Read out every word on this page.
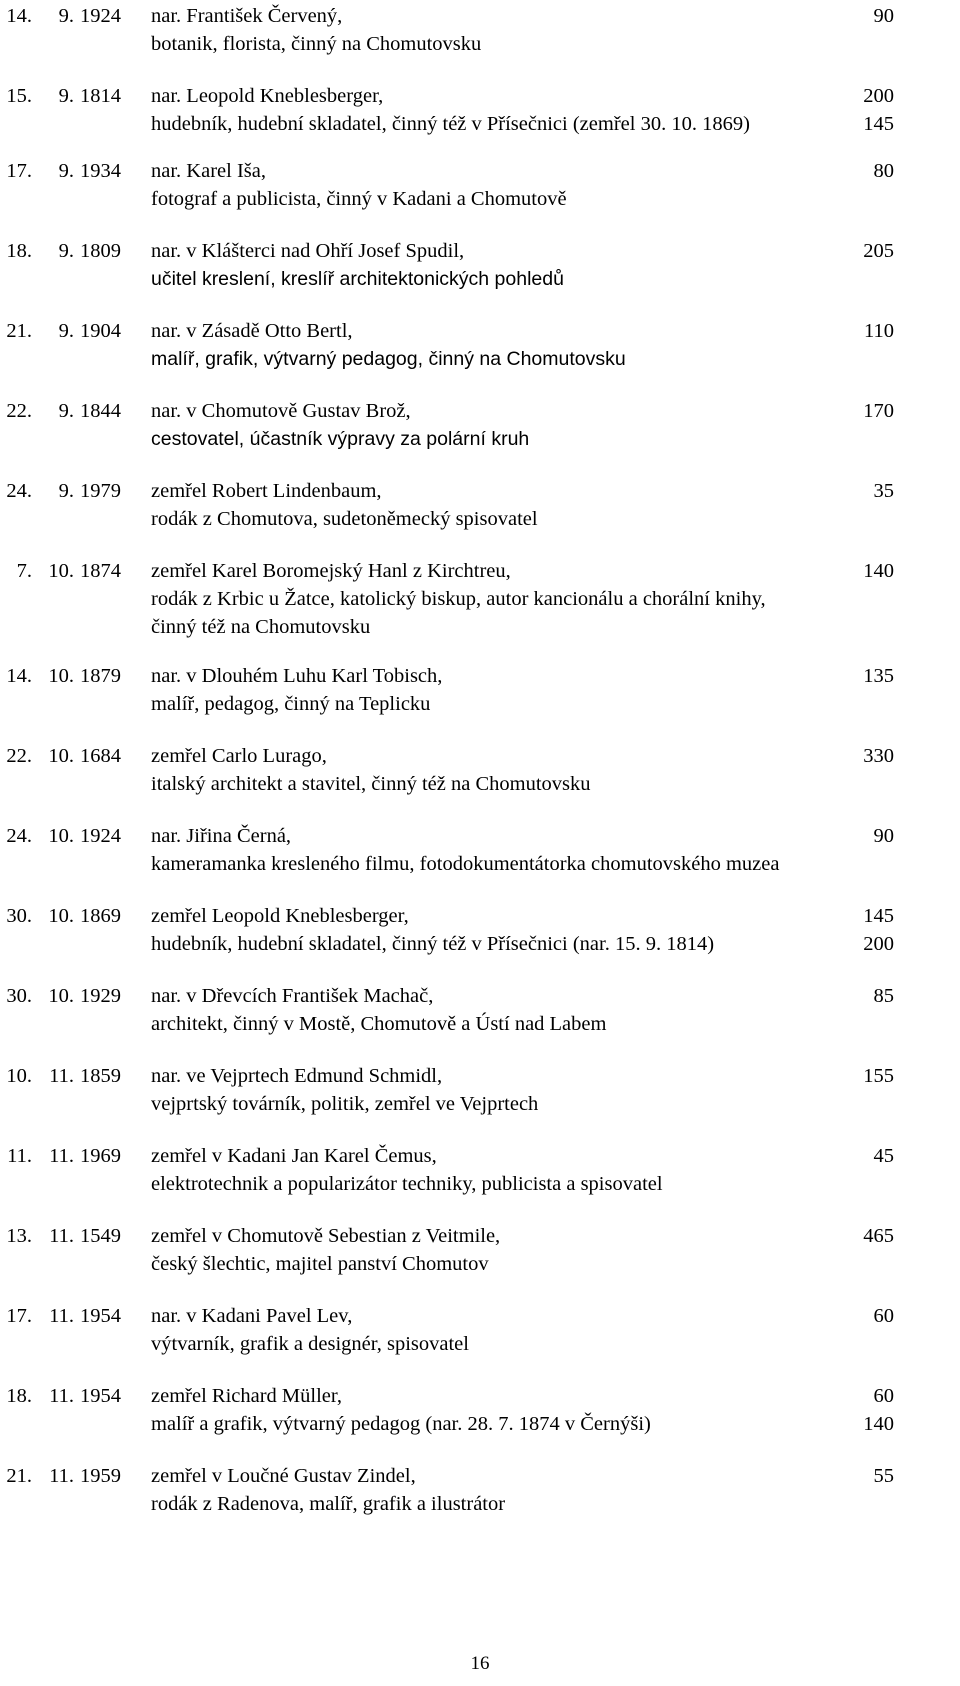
14.	9. 1924 nar. František Červený,	90
botanik, florista, činný na Chomutovsku
15.	9. 1814 nar. Leopold Kneblesberger,	200
hudebník, hudební skladatel, činný též v Přísečnici (zemřel 30. 10. 1869)	145
17.	9. 1934 nar. Karel Iša,	80
fotograf a publicista, činný v Kadani a Chomutově
18.	9. 1809 nar. v Klášterci nad Ohří Josef Spudil,	205
učitel kreslení, kreslíř architektonických pohledů
21.	9. 1904 nar. v Zásadě Otto Bertl,	110
malíř, grafik, výtvarný pedagog, činný na Chomutovsku
22.	9. 1844 nar. v Chomutově Gustav Brož,	170
cestovatel, účastník výpravy za polární kruh
24.	9. 1979 zemřel Robert Lindenbaum,	35
rodák z Chomutova, sudetoněmecký spisovatel
7. 10. 1874 zemřel Karel Boromejský Hanl z Kirchtreu,	140
rodák z Krbic u Žatce, katolický biskup, autor kancionálu a chorální knihy,
činný též na Chomutovsku
14. 10. 1879 nar. v Dlouhém Luhu Karl Tobisch,	135
malíř, pedagog, činný na Teplicku
22. 10. 1684 zemřel Carlo Lurago,	330
italský architekt a stavitel, činný též na Chomutovsku
24. 10. 1924 nar. Jiřina Černá,	90
kameramanka kresleného filmu, fotodokumentátorka chomutovského muzea
30. 10. 1869 zemřel Leopold Kneblesberger,	145
hudebník, hudební skladatel, činný též v Přísečnici (nar. 15. 9. 1814)	200
30. 10. 1929 nar. v Dřevcích František Machač,	85
architekt, činný v Mostě, Chomutově a Ústí nad Labem
10. 11. 1859 nar. ve Vejprtech Edmund Schmidl,	155
vejprtský továrník, politik, zemřel ve Vejprtech
11. 11. 1969 zemřel v Kadani Jan Karel Čemus,	45
elektrotechnik a popularizátor techniky, publicista a spisovatel
13. 11. 1549 zemřel v Chomutově Sebestian z Veitmile,	465
český šlechtic, majitel panství Chomutov
17. 11. 1954 nar. v Kadani Pavel Lev,	60
výtvarník, grafik a designér, spisovatel
18. 11. 1954 zemřel Richard Müller,	60
malíř a grafik, výtvarný pedagog (nar. 28. 7. 1874 v Černýši)	140
21. 11. 1959 zemřel v Loučné Gustav Zindel,	55
rodák z Radenova, malíř, grafik a ilustrátor
16
